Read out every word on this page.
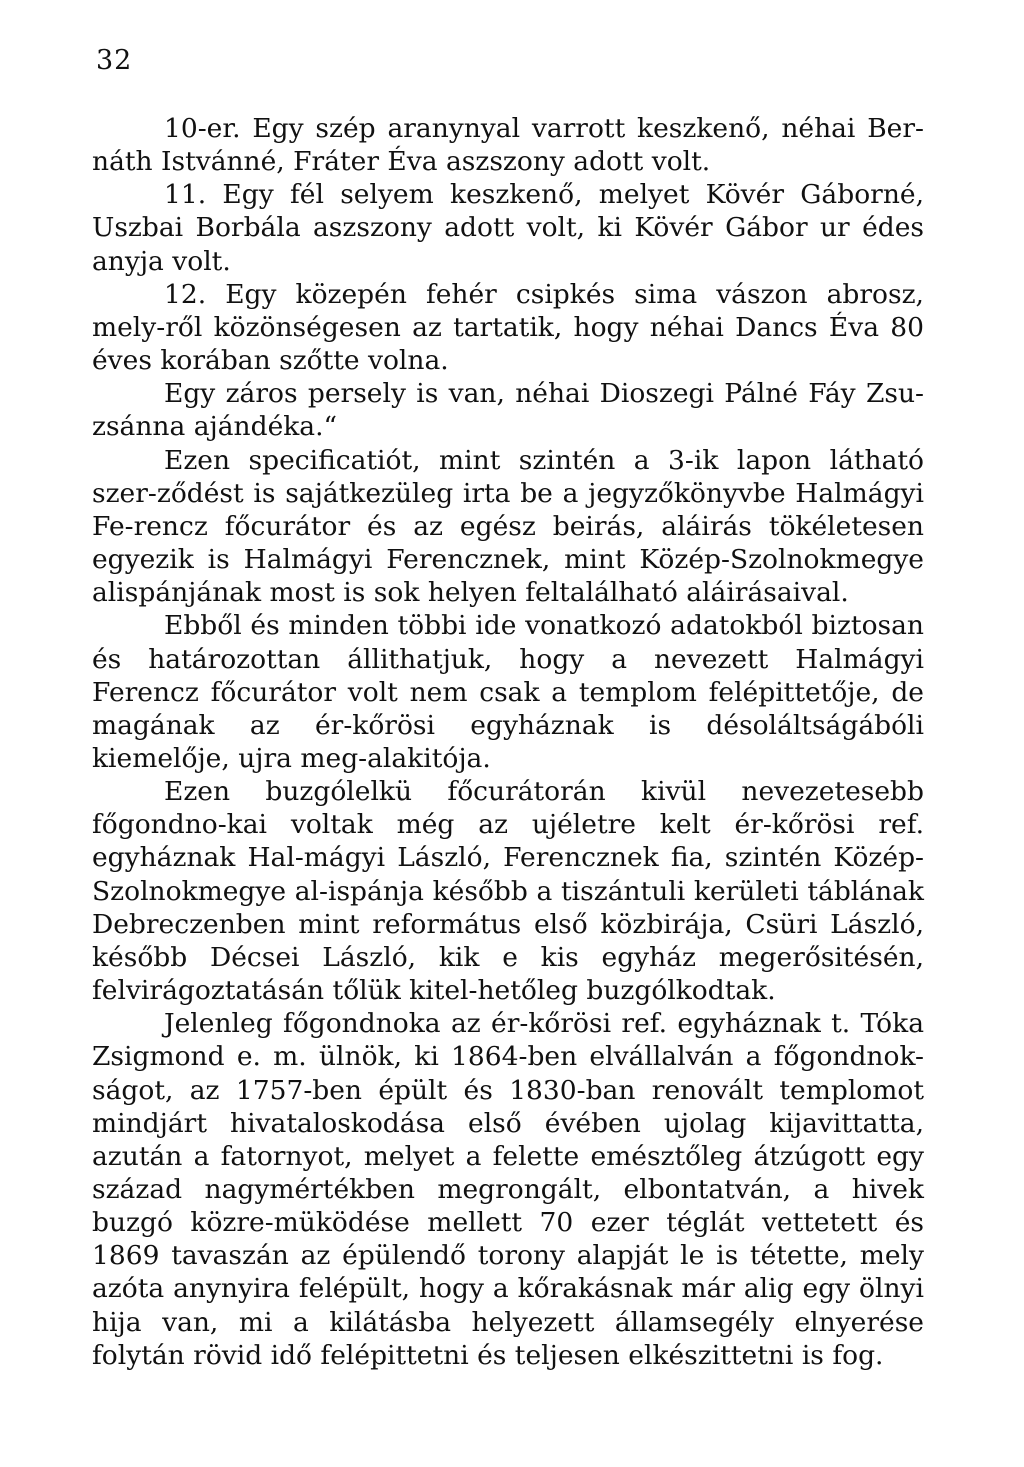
32

10-er. Egy szép aranynyal varrott keszkenő, néhai Ber-náth Istvánné, Fráter Éva aszszony adott volt.

11. Egy fél selyem keszkenő, melyet Kövér Gáborné, Uszbai Borbála aszszony adott volt, ki Kövér Gábor ur édes anyja volt.

12. Egy közepén fehér csipkés sima vászon abrosz, mely-ről közönségesen az tartatik, hogy néhai Dancs Éva 80 éves korában szőtte volna.

Egy záros persely is van, néhai Dioszegi Pálné Fáy Zsu-zsánna ajándéka.“

Ezen specificatiót, mint szintén a 3-ik lapon látható szer-ződést is sajátkezüleg irta be a jegyzőkönyvbe Halmágyi Fe-rencz főcurátor és az egész beirás, aláirás tökéletesen egyezik is Halmágyi Ferencznek, mint Közép-Szolnokmegye alispánjának most is sok helyen feltalálható aláirásaival.

Ebből és minden többi ide vonatkozó adatokból biztosan és határozottan állithatjuk, hogy a nevezett Halmágyi Ferencz főcurátor volt nem csak a templom felépittetője, de magának az ér-kőrösi egyháznak is désoláltságábóli kiemelője, ujra meg-alakitója.

Ezen buzgólelkü főcurátorán kivül nevezetesebb főgondno-kai voltak még az ujéletre kelt ér-kőrösi ref. egyháznak Hal-mágyi László, Ferencznek fia, szintén Közép-Szolnokmegye al-ispánja később a tiszántuli kerületi táblának Debreczenben mint református első közbirája, Csüri László, később Décsei László, kik e kis egyház megerősitésén, felvirágoztatásán tőlük kitel-hetőleg buzgólkodtak.

Jelenleg főgondnoka az ér-kőrösi ref. egyháznak t. Tóka Zsigmond e. m. ülnök, ki 1864-ben elvállalván a főgondnok-ságot, az 1757-ben épült és 1830-ban renovált templomot mindjárt hivataloskodása első évében ujolag kijavittatta, azután a fatornyot, melyet a felette emésztőleg átzúgott egy század nagymértékben megrongált, elbontatván, a hivek buzgó közre-müködése mellett 70 ezer téglát vettetett és 1869 tavaszán az épülendő torony alapját le is tétette, mely azóta anynyira felépült, hogy a kőrakásnak már alig egy ölnyi hija van, mi a kilátásba helyezett államsegély elnyerése folytán rövid idő felépittetni és teljesen elkészittetni is fog.
